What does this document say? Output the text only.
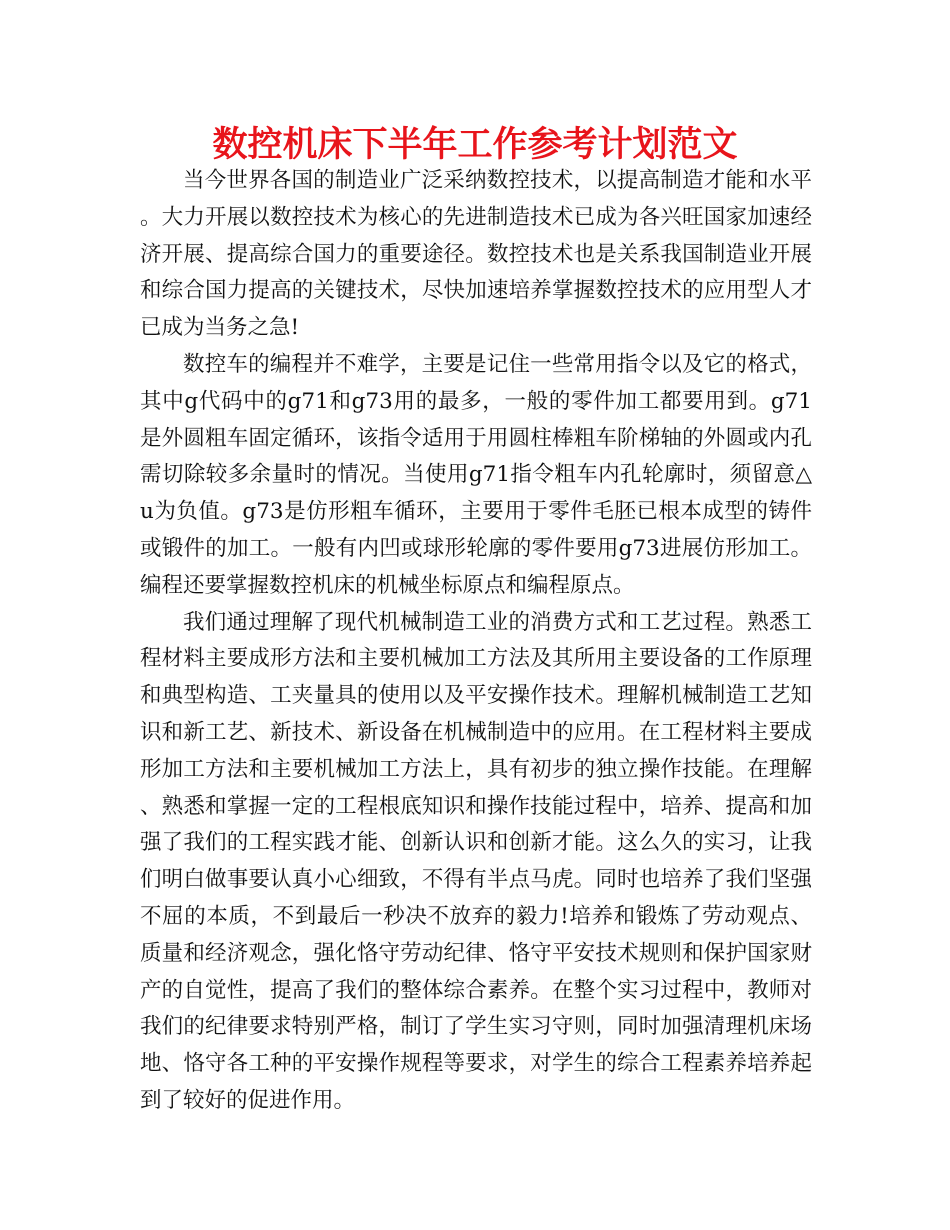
数控机床下半年工作参考计划范文

当今世界各国的制造业广泛采纳数控技术，以提高制造才能和水平。大力开展以数控技术为核心的先进制造技术已成为各兴旺国家加速经济开展、提高综合国力的重要途径。数控技术也是关系我国制造业开展和综合国力提高的关键技术，尽快加速培养掌握数控技术的应用型人才已成为当务之急!

数控车的编程并不难学，主要是记住一些常用指令以及它的格式，其中g代码中的g71和g73用的最多，一般的零件加工都要用到。g71是外圆粗车固定循环，该指令适用于用圆柱棒粗车阶梯轴的外圆或内孔需切除较多余量时的情况。当使用g71指令粗车内孔轮廓时，须留意△u为负值。g73是仿形粗车循环，主要用于零件毛胚已根本成型的铸件或锻件的加工。一般有内凹或球形轮廓的零件要用g73进展仿形加工。编程还要掌握数控机床的机械坐标原点和编程原点。

我们通过理解了现代机械制造工业的消费方式和工艺过程。熟悉工程材料主要成形方法和主要机械加工方法及其所用主要设备的工作原理和典型构造、工夹量具的使用以及平安操作技术。理解机械制造工艺知识和新工艺、新技术、新设备在机械制造中的应用。在工程材料主要成形加工方法和主要机械加工方法上，具有初步的独立操作技能。在理解、熟悉和掌握一定的工程根底知识和操作技能过程中，培养、提高和加强了我们的工程实践才能、创新认识和创新才能。这么久的实习，让我们明白做事要认真小心细致，不得有半点马虎。同时也培养了我们坚强不屈的本质，不到最后一秒决不放弃的毅力!培养和锻炼了劳动观点、质量和经济观念，强化恪守劳动纪律、恪守平安技术规则和保护国家财产的自觉性，提高了我们的整体综合素养。在整个实习过程中，教师对我们的纪律要求特别严格，制订了学生实习守则，同时加强清理机床场地、恪守各工种的平安操作规程等要求，对学生的综合工程素养培养起到了较好的促进作用。
